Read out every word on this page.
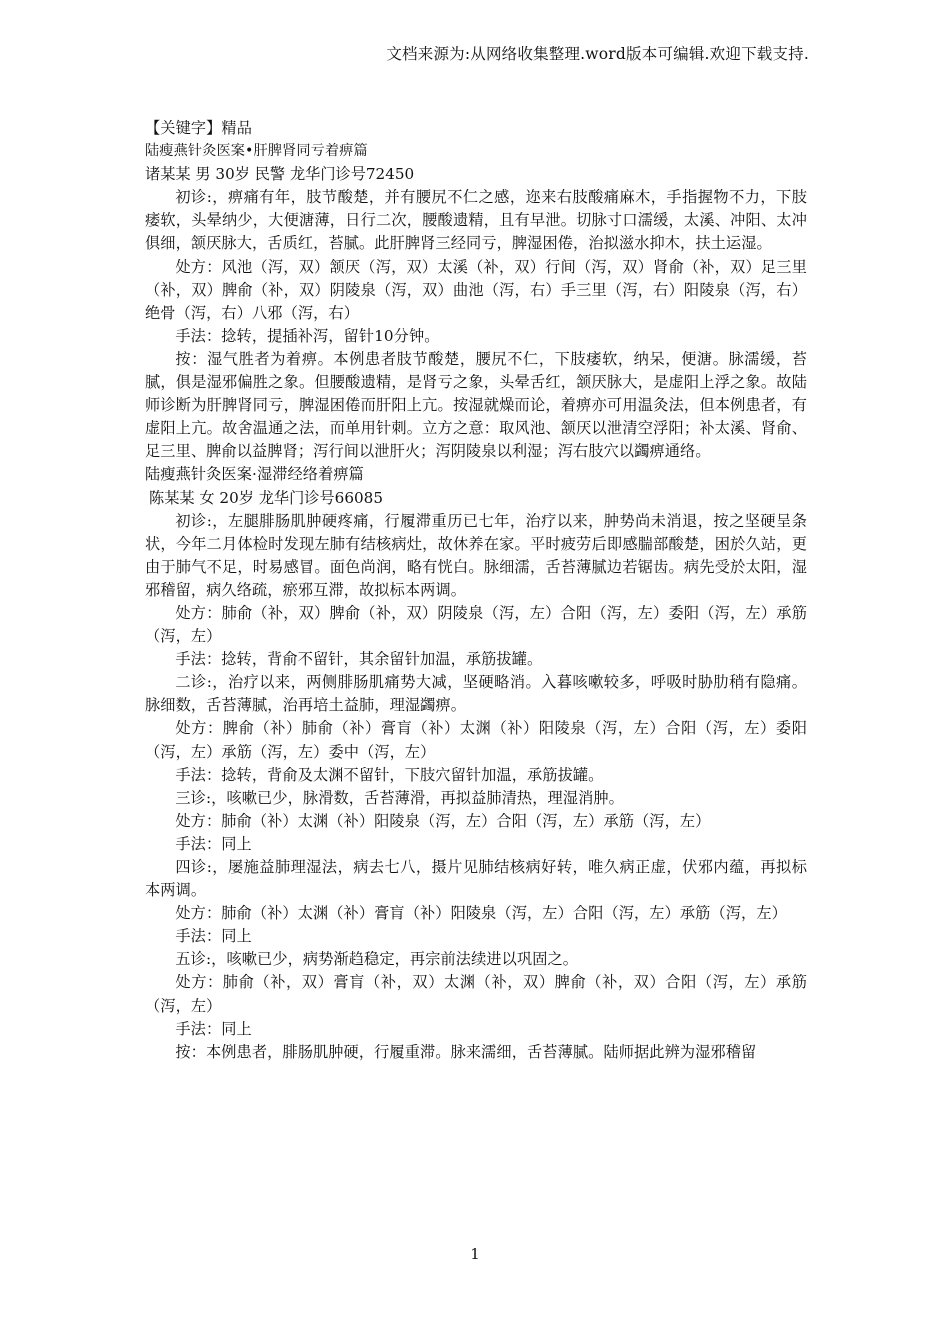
文档来源为:从网络收集整理.word版本可编辑.欢迎下载支持.

【关键字】精品

陆瘦燕针灸医案•肝脾肾同亏着痹篇

诸某某 男 30岁 民警 龙华门诊号72450

初诊:，痹痛有年，肢节酸楚，并有腰尻不仁之感，迩来右肢酸痛麻木，手指握物不力，下肢痿软，头晕纳少，大便溏薄，日行二次，腰酸遗精，且有早泄。切脉寸口濡缓，太溪、冲阳、太冲俱细，颔厌脉大，舌质红，苔腻。此肝脾肾三经同亏，脾湿困倦，治拟滋水抑木，扶土运湿。

处方：风池（泻，双）颔厌（泻，双）太溪（补，双）行间（泻，双）肾俞（补，双）足三里（补，双）脾俞（补，双）阴陵泉（泻，双）曲池（泻，右）手三里（泻，右）阳陵泉（泻，右）绝骨（泻，右）八邪（泻，右）

手法：捻转，提插补泻，留针10分钟。

按：湿气胜者为着痹。本例患者肢节酸楚，腰尻不仁，下肢痿软，纳呆，便溏。脉濡缓，苔腻，俱是湿邪偏胜之象。但腰酸遗精，是肾亏之象，头晕舌红，颔厌脉大，是虚阳上浮之象。故陆师诊断为肝脾肾同亏，脾湿困倦而肝阳上亢。按湿就燥而论，着痹亦可用温灸法，但本例患者，有虚阳上亢。故舍温通之法，而单用针刺。立方之意：取风池、颔厌以泄清空浮阳；补太溪、肾俞、足三里、脾俞以益脾肾；泻行间以泄肝火；泻阴陵泉以利湿；泻右肢穴以蠲痹通络。

陆瘦燕针灸医案·湿滞经络着痹篇

陈某某 女 20岁 龙华门诊号66085

初诊:，左腿腓肠肌肿硬疼痛，行履滞重历已七年，治疗以来，肿势尚未消退，按之坚硬呈条状，今年二月体检时发现左肺有结核病灶，故休养在家。平时疲劳后即感腨部酸楚，困於久站，更由于肺气不足，时易感冒。面色尚润，略有恍白。脉细濡，舌苔薄腻边若锯齿。病先受於太阳，湿邪稽留，病久络疏，瘀邪互滞，故拟标本两调。

处方：肺俞（补，双）脾俞（补，双）阴陵泉（泻，左）合阳（泻，左）委阳（泻，左）承筋（泻，左）

手法：捻转，背俞不留针，其余留针加温，承筋拔罐。

二诊:，治疗以来，两侧腓肠肌痛势大减，坚硬略消。入暮咳嗽较多，呼吸时胁肋稍有隐痛。脉细数，舌苔薄腻，治再培土益肺，理湿蠲痹。

处方：脾俞（补）肺俞（补）膏肓（补）太渊（补）阳陵泉（泻，左）合阳（泻，左）委阳（泻，左）承筋（泻，左）委中（泻，左）

手法：捻转，背俞及太渊不留针，下肢穴留针加温，承筋拔罐。

三诊:，咳嗽已少，脉滑数，舌苔薄滑，再拟益肺清热，理湿消肿。

处方：肺俞（补）太渊（补）阳陵泉（泻，左）合阳（泻，左）承筋（泻，左）

手法：同上

四诊:，屡施益肺理湿法，病去七八，摄片见肺结核病好转，唯久病正虚，伏邪内蕴，再拟标本两调。

处方：肺俞（补）太渊（补）膏肓（补）阳陵泉（泻，左）合阳（泻，左）承筋（泻，左）

手法：同上

五诊:，咳嗽已少，病势渐趋稳定，再宗前法续进以巩固之。

处方：肺俞（补，双）膏肓（补，双）太渊（补，双）脾俞（补，双）合阳（泻，左）承筋（泻，左）

手法：同上

按：本例患者，腓肠肌肿硬，行履重滞。脉来濡细，舌苔薄腻。陆师据此辨为湿邪稽留

1
